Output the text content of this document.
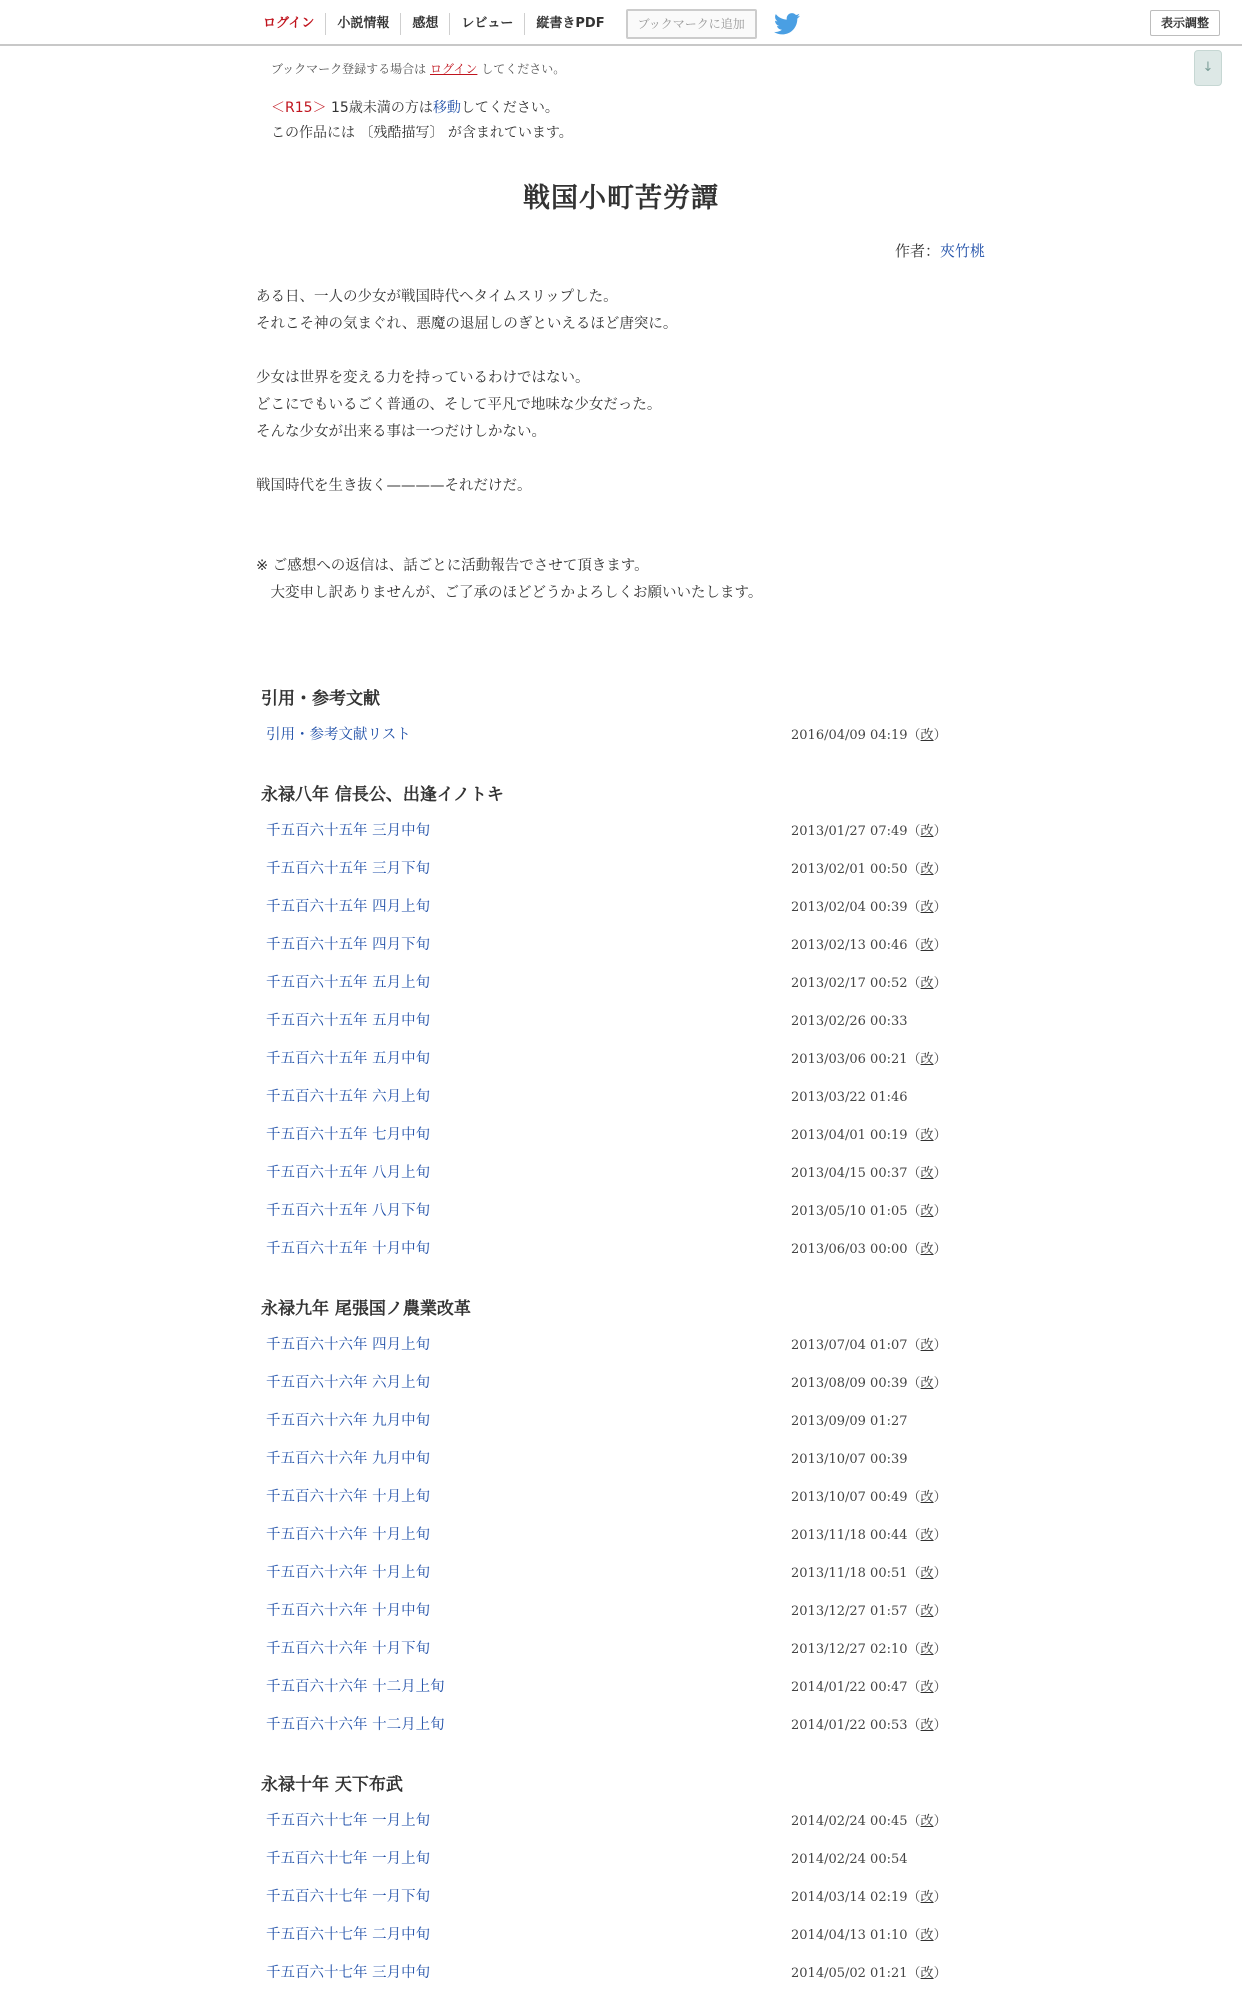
ログイン	小説情報	感想	レビュー	縦書きPDF	ブックマークに追加	表示調整
↓
ブックマーク登録する場合は ログイン してください。
＜R15＞ 15歳未満の方は移動してください。
この作品には 〔残酷描写〕 が含まれています。
戦国小町苦労譚
作者：夾竹桃
ある日、一人の少女が戦国時代へタイムスリップした。
それこそ神の気まぐれ、悪魔の退屈しのぎといえるほど唐突に。
少女は世界を変える力を持っているわけではない。
どこにでもいるごく普通の、そして平凡で地味な少女だった。
そんな少女が出来る事は一つだけしかない。
戦国時代を生き抜く————それだけだ。
※ ご感想への返信は、話ごとに活動報告でさせて頂きます。
　大変申し訳ありませんが、ご了承のほどどうかよろしくお願いいたします。
引用・参考文献
引用・参考文献リスト	2016/04/09 04:19（改）
永禄八年 信長公、出逢イノトキ
千五百六十五年 三月中旬	2013/01/27 07:49（改）
千五百六十五年 三月下旬	2013/02/01 00:50（改）
千五百六十五年 四月上旬	2013/02/04 00:39（改）
千五百六十五年 四月下旬	2013/02/13 00:46（改）
千五百六十五年 五月上旬	2013/02/17 00:52（改）
千五百六十五年 五月中旬	2013/02/26 00:33
千五百六十五年 五月中旬	2013/03/06 00:21（改）
千五百六十五年 六月上旬	2013/03/22 01:46
千五百六十五年 七月中旬	2013/04/01 00:19（改）
千五百六十五年 八月上旬	2013/04/15 00:37（改）
千五百六十五年 八月下旬	2013/05/10 01:05（改）
千五百六十五年 十月中旬	2013/06/03 00:00（改）
永禄九年 尾張国ノ農業改革
千五百六十六年 四月上旬	2013/07/04 01:07（改）
千五百六十六年 六月上旬	2013/08/09 00:39（改）
千五百六十六年 九月中旬	2013/09/09 01:27
千五百六十六年 九月中旬	2013/10/07 00:39
千五百六十六年 十月上旬	2013/10/07 00:49（改）
千五百六十六年 十月上旬	2013/11/18 00:44（改）
千五百六十六年 十月上旬	2013/11/18 00:51（改）
千五百六十六年 十月中旬	2013/12/27 01:57（改）
千五百六十六年 十月下旬	2013/12/27 02:10（改）
千五百六十六年 十二月上旬	2014/01/22 00:47（改）
千五百六十六年 十二月上旬	2014/01/22 00:53（改）
永禄十年 天下布武
千五百六十七年 一月上旬	2014/02/24 00:45（改）
千五百六十七年 一月上旬	2014/02/24 00:54
千五百六十七年 一月下旬	2014/03/14 02:19（改）
千五百六十七年 二月中旬	2014/04/13 01:10（改）
千五百六十七年 三月中旬	2014/05/02 01:21（改）
